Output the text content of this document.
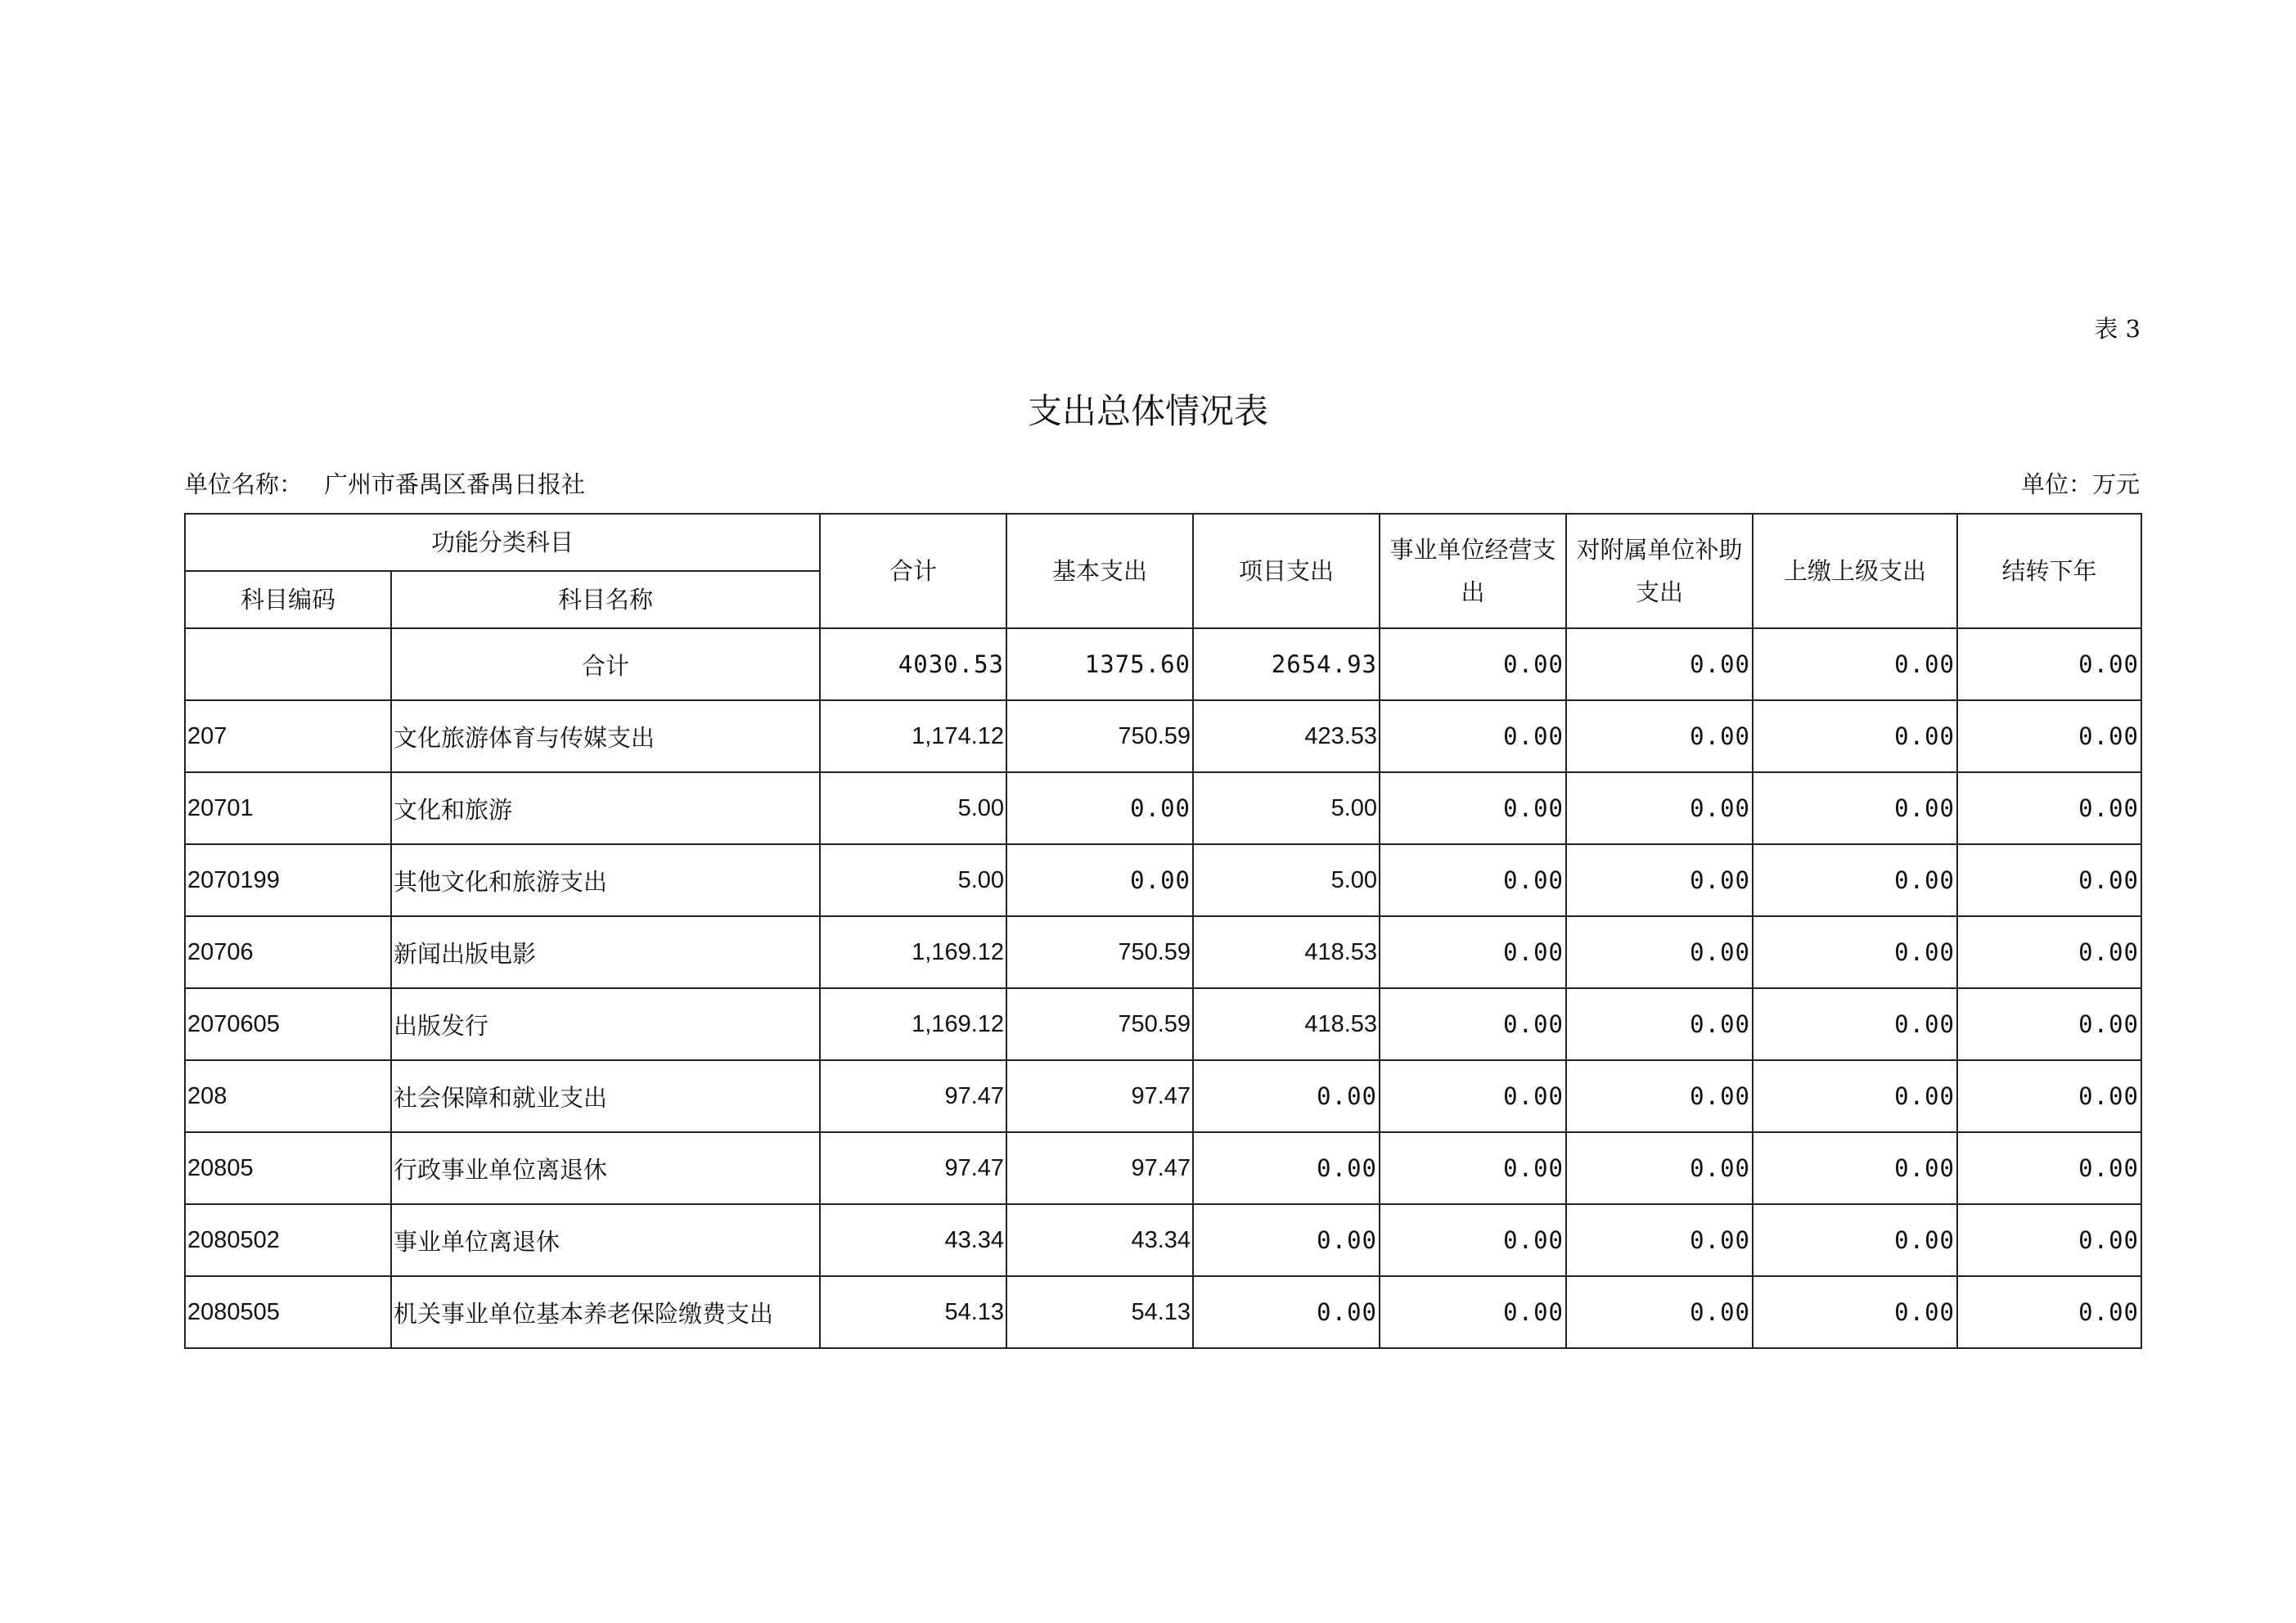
表 3
支出总体情况表
单位名称： 广州市番禺区番禺日报社	单位：万元
功能分类科目		合计	基本支出	项目支出	事业单位经营支出	对附属单位补助支出	上缴上级支出	结转下年
科目编码	科目名称							
	合计	4030.53	1375.60	2654.93	0.00	0.00	0.00	0.00
207	文化旅游体育与传媒支出	1,174.12	750.59	423.53	0.00	0.00	0.00	0.00
20701	文化和旅游	5.00	0.00	5.00	0.00	0.00	0.00	0.00
2070199	其他文化和旅游支出	5.00	0.00	5.00	0.00	0.00	0.00	0.00
20706	新闻出版电影	1,169.12	750.59	418.53	0.00	0.00	0.00	0.00
2070605	出版发行	1,169.12	750.59	418.53	0.00	0.00	0.00	0.00
208	社会保障和就业支出	97.47	97.47	0.00	0.00	0.00	0.00	0.00
20805	行政事业单位离退休	97.47	97.47	0.00	0.00	0.00	0.00	0.00
2080502	事业单位离退休	43.34	43.34	0.00	0.00	0.00	0.00	0.00
2080505	机关事业单位基本养老保险缴费支出	54.13	54.13	0.00	0.00	0.00	0.00	0.00
